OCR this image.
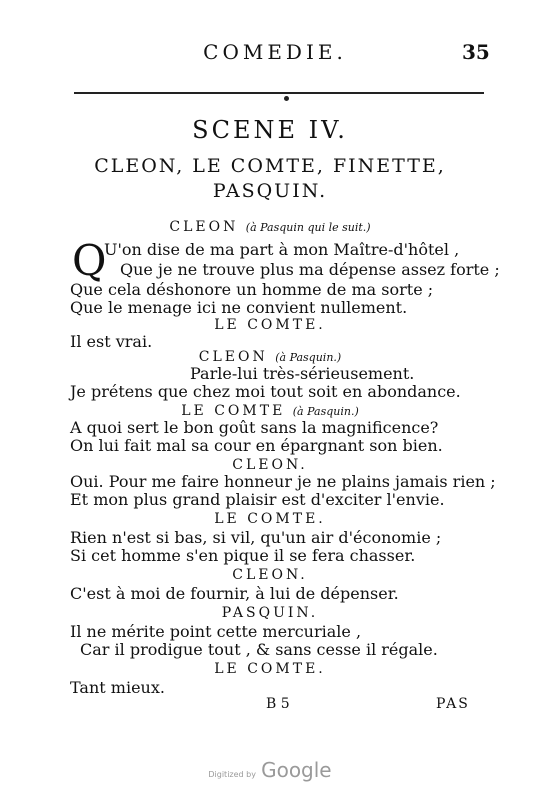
COMEDIE.	35
SCENE IV.
CLEON, LE COMTE, FINETTE,
PASQUIN.
CLEON (à Pasquin qui le suit.)
Q
U'on dise de ma part à mon Maître-d'hôtel ,
Que je ne trouve plus ma dépense assez forte ;
Que cela déshonore un homme de ma sorte ;
Que le menage ici ne convient nullement.
LE COMTE.
Il est vrai.
CLEON (à Pasquin.)
Parle-lui très-sérieusement.
Je prétens que chez moi tout soit en abondance.
LE COMTE (à Pasquin.)
A quoi sert le bon goût sans la magnificence?
On lui fait mal sa cour en épargnant son bien.
CLEON.
Oui. Pour me faire honneur je ne plains jamais rien ;
Et mon plus grand plaisir est d'exciter l'envie.
LE COMTE.
Rien n'est si bas, si vil, qu'un air d'économie ;
Si cet homme s'en pique il se fera chasser.
CLEON.
C'est à moi de fournir, à lui de dépenser.
PASQUIN.
Il ne mérite point cette mercuriale ,
Car il prodigue tout , & sans cesse il régale.
LE COMTE.
Tant mieux.
B 5	PAS
Digitized by Google
